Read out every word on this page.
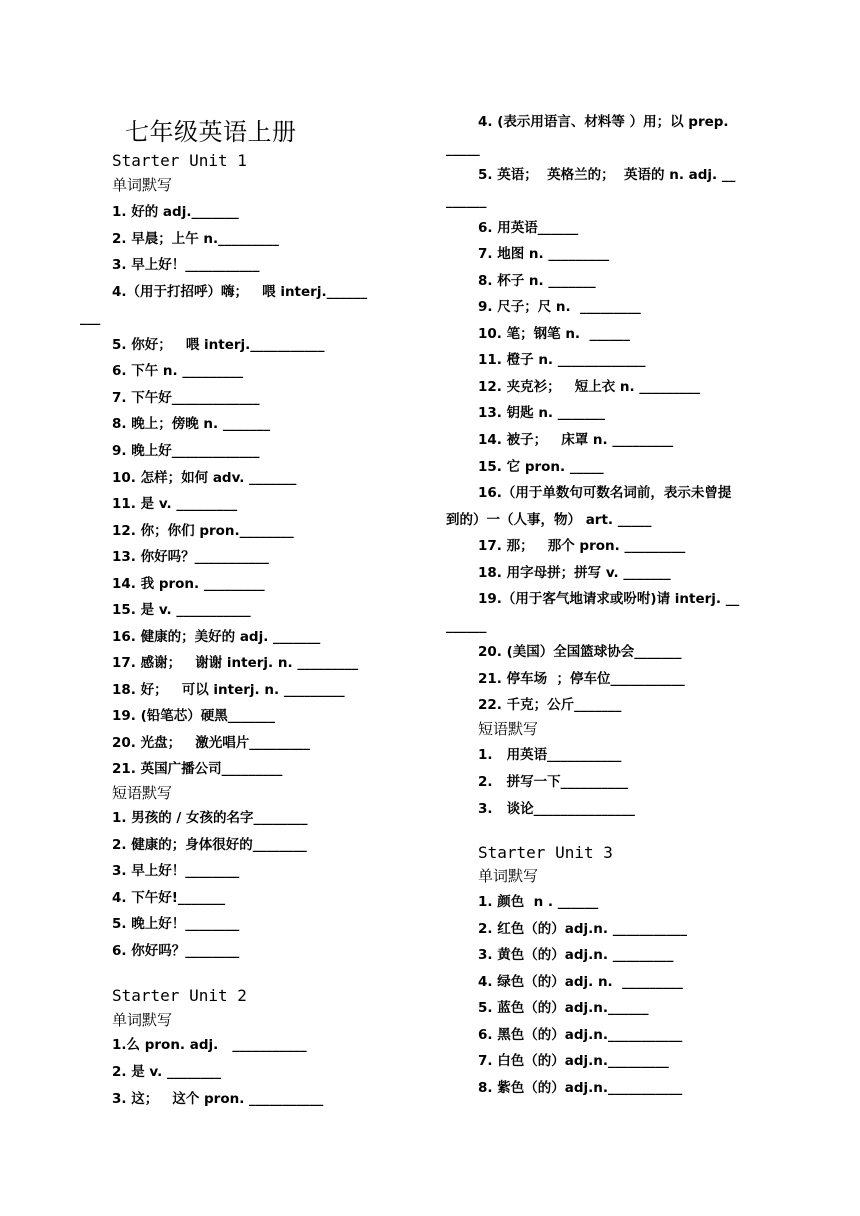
七年级英语上册
Starter Unit 1
单词默写
1. 好的 adj._______
2. 早晨；上午 n._________
3. 早上好！___________
4.（用于打招呼）嗨；   喂 interj.______
___
5. 你好；   喂 interj.___________
6. 下午 n. _________
7. 下午好_____________
8. 晚上；傍晚 n. _______
9. 晚上好_____________
10. 怎样；如何 adv. _______
11. 是 v. _________
12. 你；你们 pron.________
13. 你好吗？___________
14. 我 pron. _________
15. 是 v. ___________
16. 健康的；美好的 adj. _______
17. 感谢；   谢谢 interj. n. _________
18. 好；   可以 interj. n. _________
19. (铅笔芯）硬黑_______
20. 光盘；   激光唱片_________
21. 英国广播公司_________
短语默写
1. 男孩的 / 女孩的名字________
2. 健康的；身体很好的________
3. 早上好！________
4. 下午好!_______
5. 晚上好！________
6. 你好吗？________
Starter Unit 2
单词默写
1.么 pron. adj.   ___________
2. 是 v. ________
3. 这；   这个 pron. ___________
4. (表示用语言、材料等 ）用；以 prep.
_____
5. 英语；  英格兰的；  英语的 n. adj. __
______
6. 用英语______
7. 地图 n. _________
8. 杯子 n. _______
9. 尺子；尺 n.  _________
10. 笔；钢笔 n.  ______
11. 橙子 n. _____________
12. 夹克衫；   短上衣 n. _________
13. 钥匙 n. _______
14. 被子；   床罩 n. _________
15. 它 pron. _____
16.（用于单数句可数名词前，表示未曾提
到的）一（人事，物） art. _____
17. 那；   那个 pron. _________
18. 用字母拼；拼写 v. _______
19.（用于客气地请求或吩咐)请 interj. __
______
20. (美国）全国篮球协会_______
21. 停车场  ；停车位___________
22. 千克；公斤_______
短语默写
1.   用英语___________
2.   拼写一下__________
3.   谈论_______________
Starter Unit 3
单词默写
1. 颜色  n . ______
2. 红色（的）adj.n. ___________
3. 黄色（的）adj.n. _________
4. 绿色（的）adj. n.  _________
5. 蓝色（的）adj.n.______
6. 黑色（的）adj.n.___________
7. 白色（的）adj.n._________
8. 紫色（的）adj.n.___________
